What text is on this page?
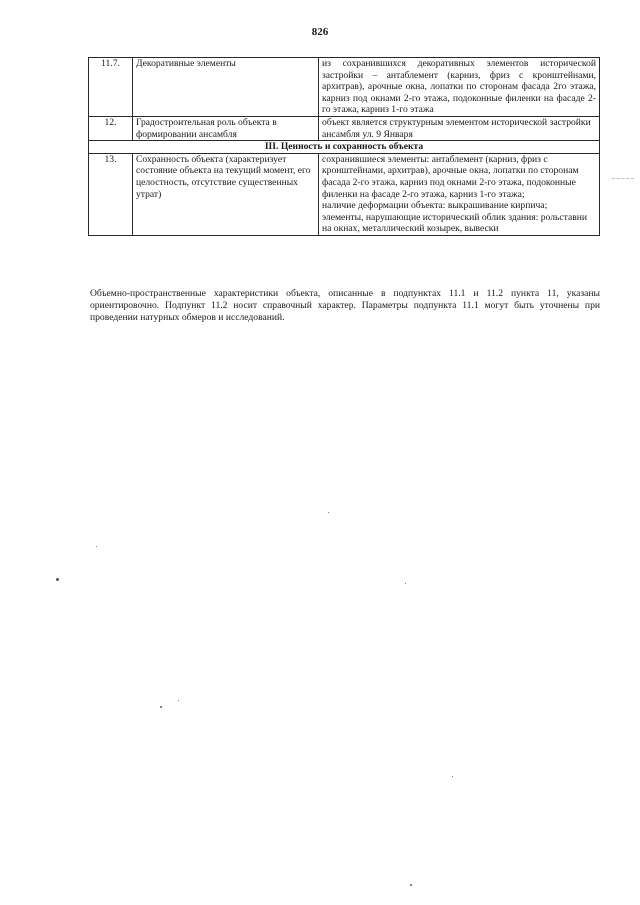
826
11.7.	Декоративные элементы	из сохранившихся декоративных элементов исторической застройки – антаблемент (карниз, фриз с кронштейнами, архитрав), арочные окна, лопатки по сторонам фасада 2го этажа, карниз под окнами 2-го этажа, подоконные филенки на фасаде 2-го этажа, карниз 1-го этажа
12.	Градостроительная роль объекта в формировании ансамбля	объект является структурным элементом исторической застройки ансамбля ул. 9 Января
III. Ценность и сохранность объекта		
13.	Сохранность объекта (характеризует состояние объекта на текущий момент, его целостность, отсутствие существенных утрат)	сохранившиеся элементы: антаблемент (карниз, фриз с кронштейнами, архитрав), арочные окна, лопатки по сторонам фасада 2-го этажа, карниз под окнами 2-го этажа, подоконные филенки на фасаде 2-го этажа, карниз 1-го этажа;
наличие деформации объекта: выкрашивание кирпича;
элементы, нарушающие исторический облик здания: рольставни на окнах, металлический козырек, вывески

Объемно-пространственные характеристики объекта, описанные в подпунктах 11.1 и 11.2 пункта 11, указаны ориентировочно. Подпункт 11.2 носит справочный характер. Параметры подпункта 11.1 могут быть уточнены при проведении натурных обмеров и исследований.
